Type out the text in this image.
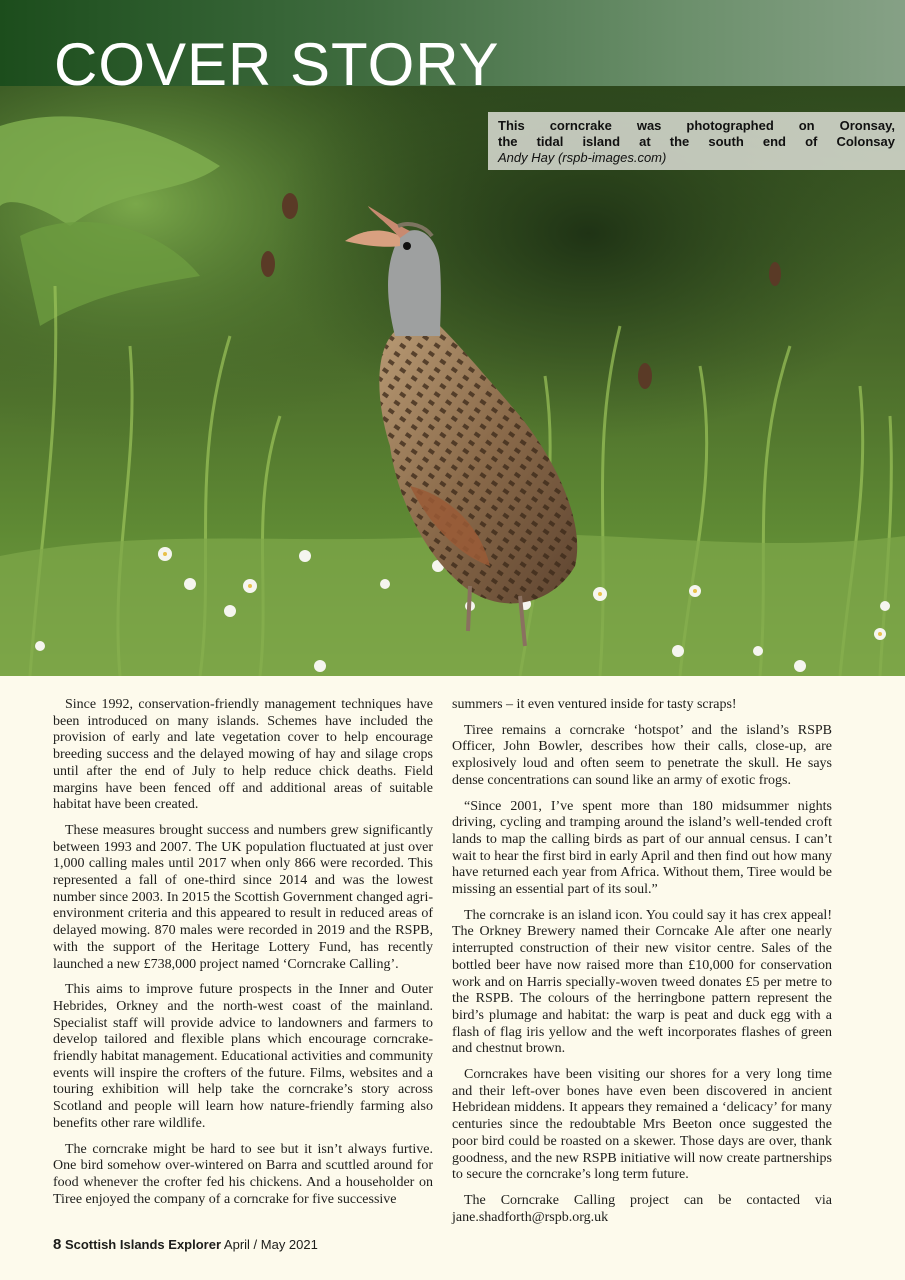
COVER STORY
This corncrake was photographed on Oronsay,
the tidal island at the south end of Colonsay
Andy Hay (rspb-images.com)

Since 1992, conservation-friendly management techniques have been introduced on many islands. Schemes have included the provision of early and late vegetation cover to help encourage breeding success and the delayed mowing of hay and silage crops until after the end of July to help reduce chick deaths. Field margins have been fenced off and additional areas of suitable habitat have been created.

These measures brought success and numbers grew significantly between 1993 and 2007. The UK population fluctuated at just over 1,000 calling males until 2017 when only 866 were recorded. This represented a fall of one-third since 2014 and was the lowest number since 2003. In 2015 the Scottish Government changed agri-environment criteria and this appeared to result in reduced areas of delayed mowing. 870 males were recorded in 2019 and the RSPB, with the support of the Heritage Lottery Fund, has recently launched a new £738,000 project named ‘Corncrake Calling’.

This aims to improve future prospects in the Inner and Outer Hebrides, Orkney and the north-west coast of the mainland. Specialist staff will provide advice to landowners and farmers to develop tailored and flexible plans which encourage corncrake-friendly habitat management. Educational activities and community events will inspire the crofters of the future. Films, websites and a touring exhibition will help take the corncrake’s story across Scotland and people will learn how nature-friendly farming also benefits other rare wildlife.

The corncrake might be hard to see but it isn’t always furtive. One bird somehow over-wintered on Barra and scuttled around for food whenever the crofter fed his chickens. And a householder on Tiree enjoyed the company of a corncrake for five successive

summers – it even ventured inside for tasty scraps!

Tiree remains a corncrake ‘hotspot’ and the island’s RSPB Officer, John Bowler, describes how their calls, close-up, are explosively loud and often seem to penetrate the skull. He says dense concentrations can sound like an army of exotic frogs.

“Since 2001, I’ve spent more than 180 midsummer nights driving, cycling and tramping around the island’s well-tended croft lands to map the calling birds as part of our annual census. I can’t wait to hear the first bird in early April and then find out how many have returned each year from Africa. Without them, Tiree would be missing an essential part of its soul.”

The corncrake is an island icon. You could say it has crex appeal! The Orkney Brewery named their Corncake Ale after one nearly interrupted construction of their new visitor centre. Sales of the bottled beer have now raised more than £10,000 for conservation work and on Harris specially-woven tweed donates £5 per metre to the RSPB. The colours of the herringbone pattern represent the bird’s plumage and habitat: the warp is peat and duck egg with a flash of flag iris yellow and the weft incorporates flashes of green and chestnut brown.

Corncrakes have been visiting our shores for a very long time and their left-over bones have even been discovered in ancient Hebridean middens. It appears they remained a ‘delicacy’ for many centuries since the redoubtable Mrs Beeton once suggested the poor bird could be roasted on a skewer. Those days are over, thank goodness, and the new RSPB initiative will now create partnerships to secure the corncrake’s long term future.

The Corncrake Calling project can be contacted via jane.shadforth@rspb.org.uk

8 Scottish Islands Explorer April / May 2021
